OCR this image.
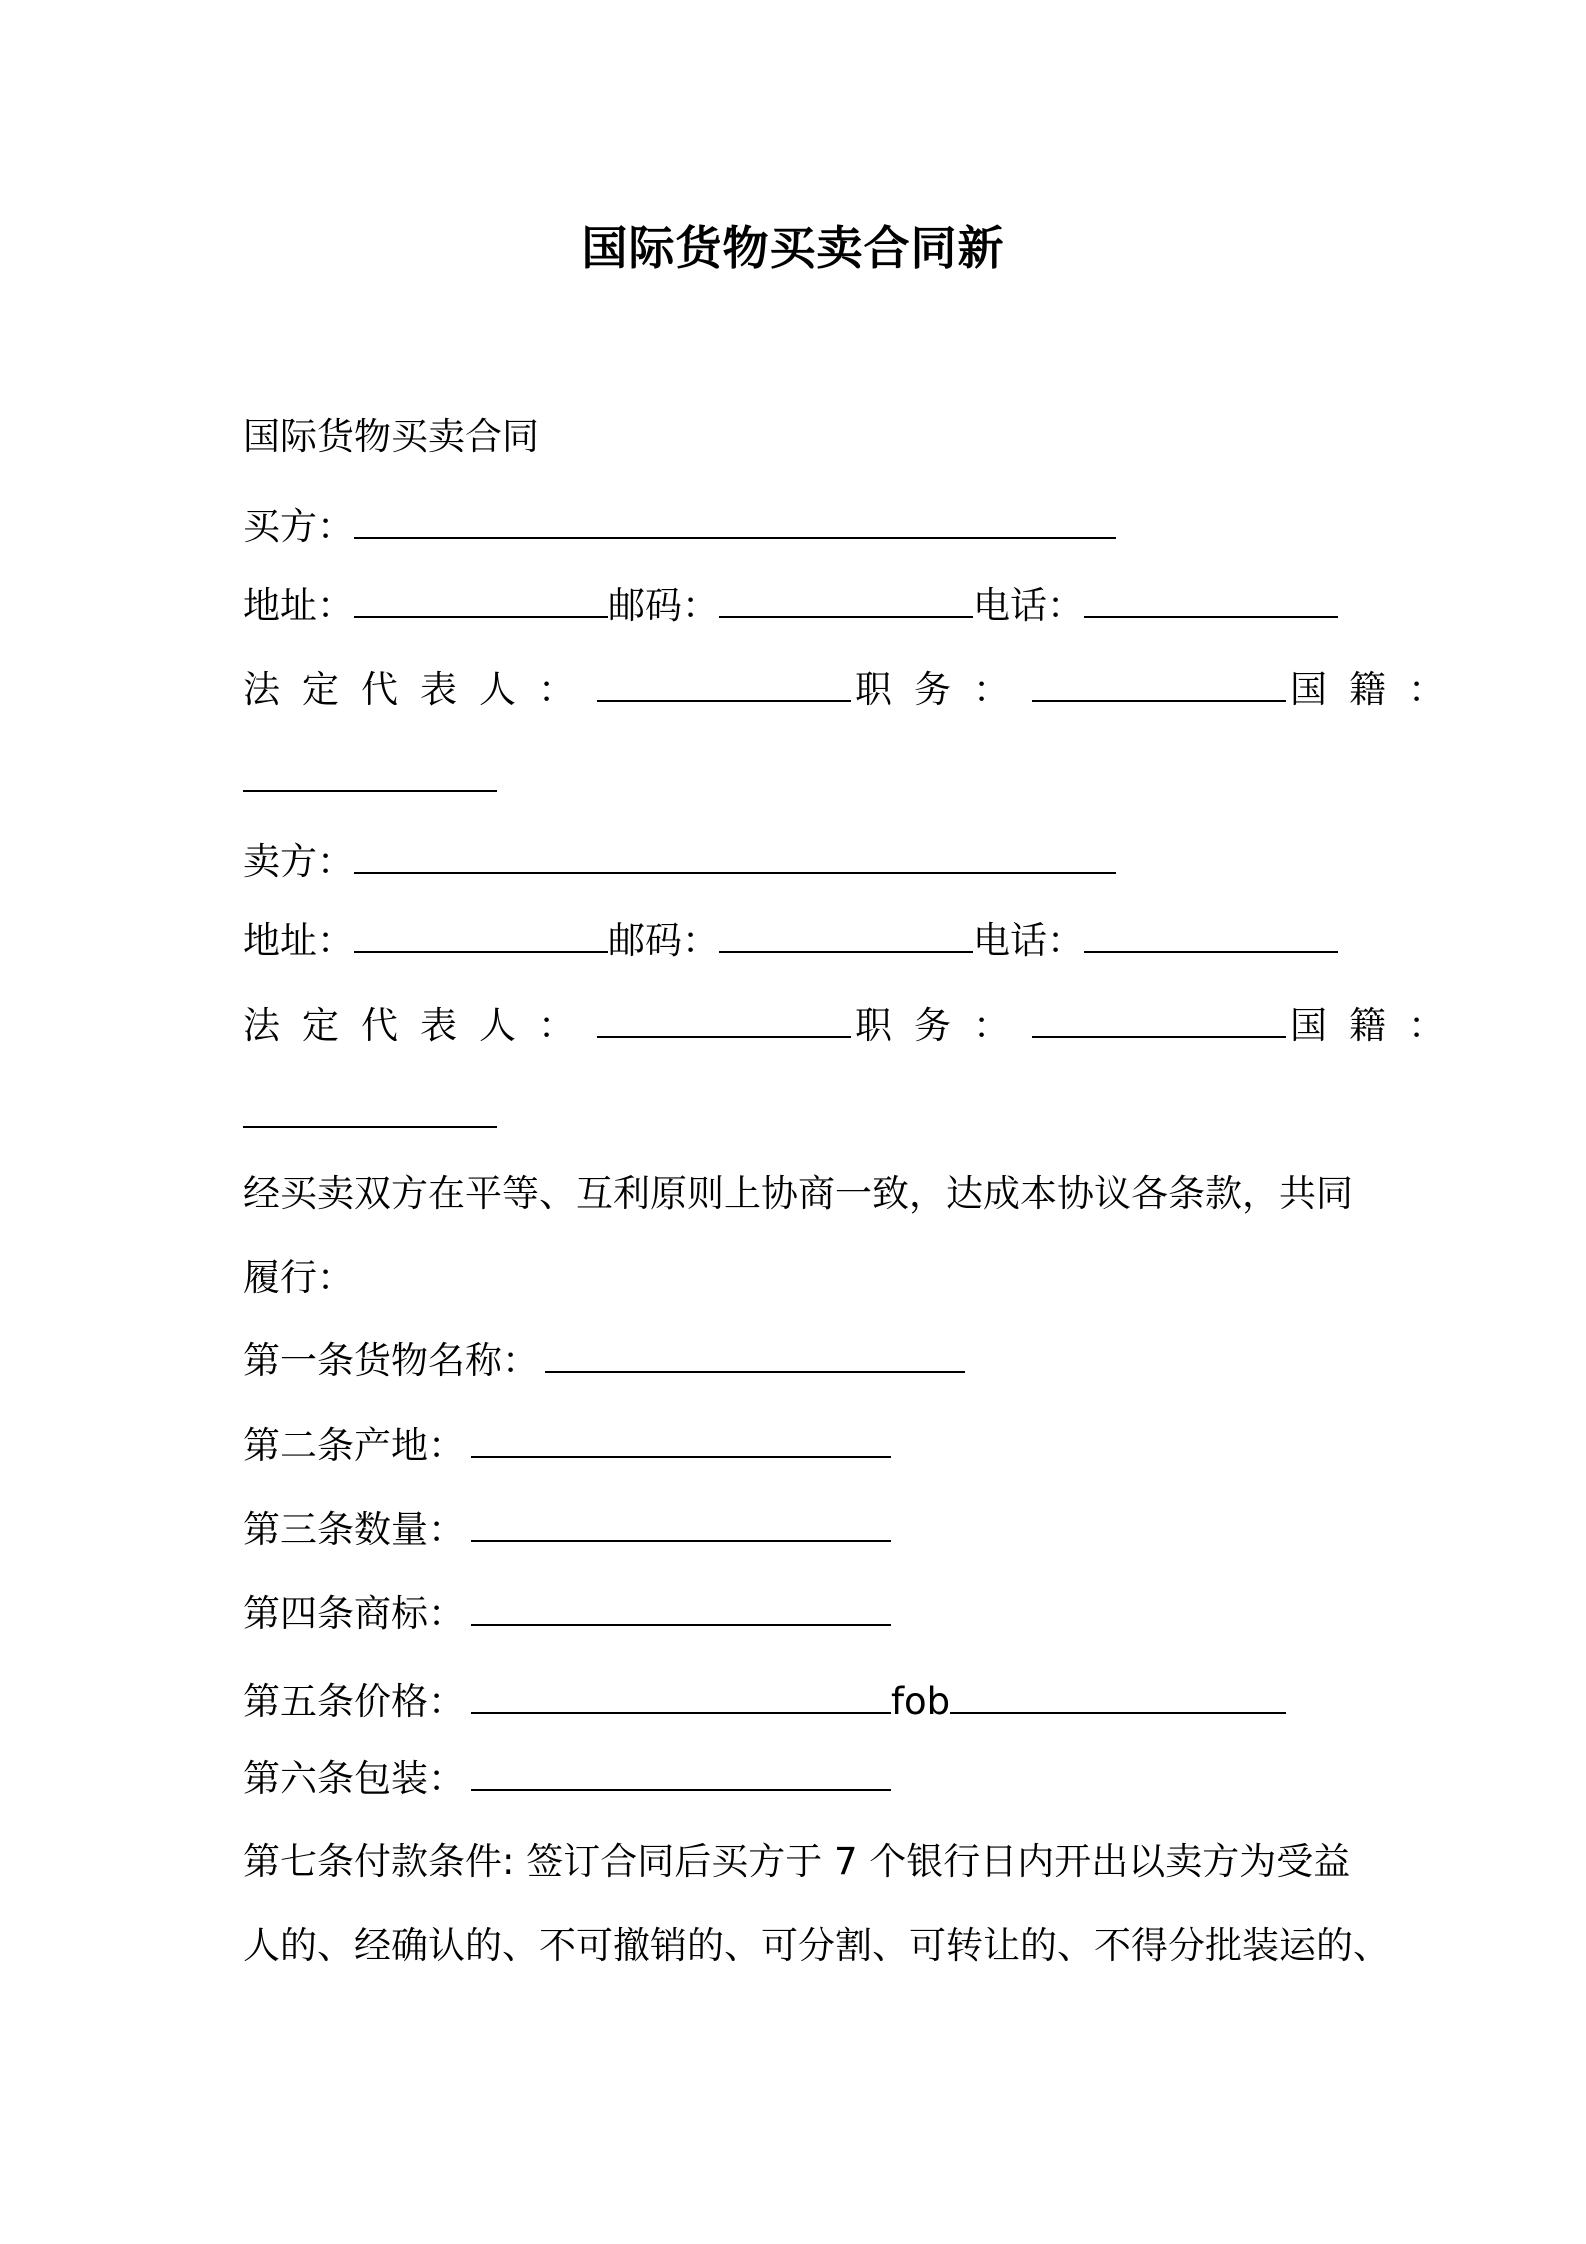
国际货物买卖合同新
国际货物买卖合同
买方：
地址：	邮码：	电话：
法定代表人：	职务：	国籍：
卖方：
地址：	邮码：	电话：
法定代表人：	职务：	国籍：
经买卖双方在平等、互利原则上协商一致，达成本协议各条款，共同
履行：
第一条货物名称：
第二条产地：
第三条数量：
第四条商标：
第五条价格：	fob
第六条包装：
第七条付款条件: 签订合同后买方于 7 个银行日内开出以卖方为受益
人的、经确认的、不可撤销的、可分割、可转让的、不得分批装运的、
